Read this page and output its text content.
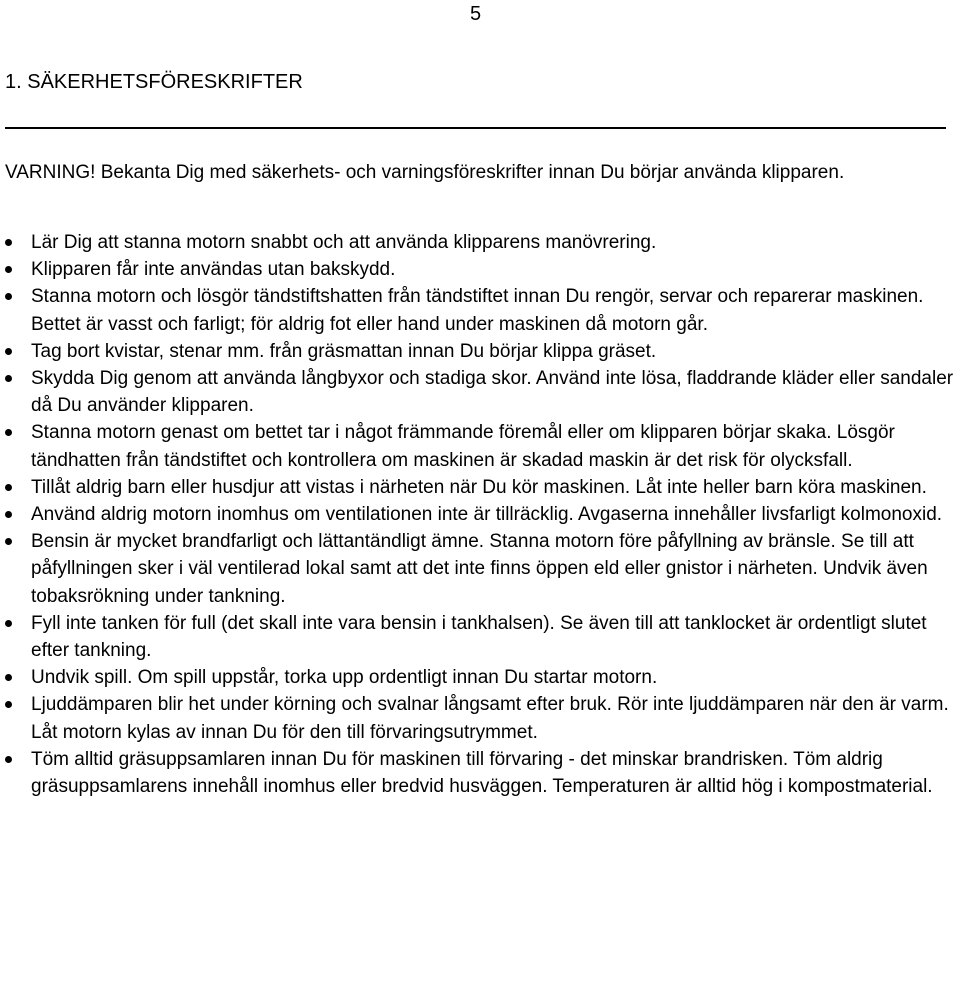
5
1. SÄKERHETSFÖRESKRIFTER
VARNING! Bekanta Dig med säkerhets- och varningsföreskrifter innan Du börjar använda klipparen.
Lär Dig att stanna motorn snabbt och att använda klipparens manövrering.
Klipparen får inte användas utan bakskydd.
Stanna motorn och lösgör tändstiftshatten från tändstiftet innan Du rengör, servar och reparerar maskinen. Bettet är vasst och farligt; för aldrig fot eller hand under maskinen då motorn går.
Tag bort kvistar, stenar mm. från gräsmattan innan Du börjar klippa gräset.
Skydda Dig genom att använda långbyxor och stadiga skor. Använd inte lösa, fladdrande kläder eller sandaler då Du använder klipparen.
Stanna motorn genast om bettet tar i något främmande föremål eller om klipparen börjar skaka. Lösgör tändhatten från tändstiftet och kontrollera om maskinen är skadad maskin är det risk för olycksfall.
Tillåt aldrig barn eller husdjur att vistas i närheten när Du kör maskinen. Låt inte heller barn köra maskinen.
Använd aldrig motorn inomhus om ventilationen inte är tillräcklig. Avgaserna innehåller livsfarligt kolmonoxid.
Bensin är mycket brandfarligt och lättantändligt ämne. Stanna motorn före påfyllning av bränsle. Se till att påfyllningen sker i väl ventilerad lokal samt att det inte finns öppen eld eller gnistor i närheten. Undvik även tobaksrökning under tankning.
Fyll inte tanken för full (det skall inte vara bensin i tankhalsen). Se även till att tanklocket är ordentligt slutet efter tankning.
Undvik spill. Om spill uppstår, torka upp ordentligt innan Du startar motorn.
Ljuddämparen blir het under körning och svalnar långsamt efter bruk. Rör inte ljuddämparen när den är varm. Låt motorn kylas av innan Du för den till förvaringsutrymmet.
Töm alltid gräsuppsamlaren innan Du för maskinen till förvaring - det minskar brandrisken. Töm aldrig gräsuppsamlarens innehåll inomhus eller bredvid husväggen. Temperaturen är alltid hög i kompostmaterial.
